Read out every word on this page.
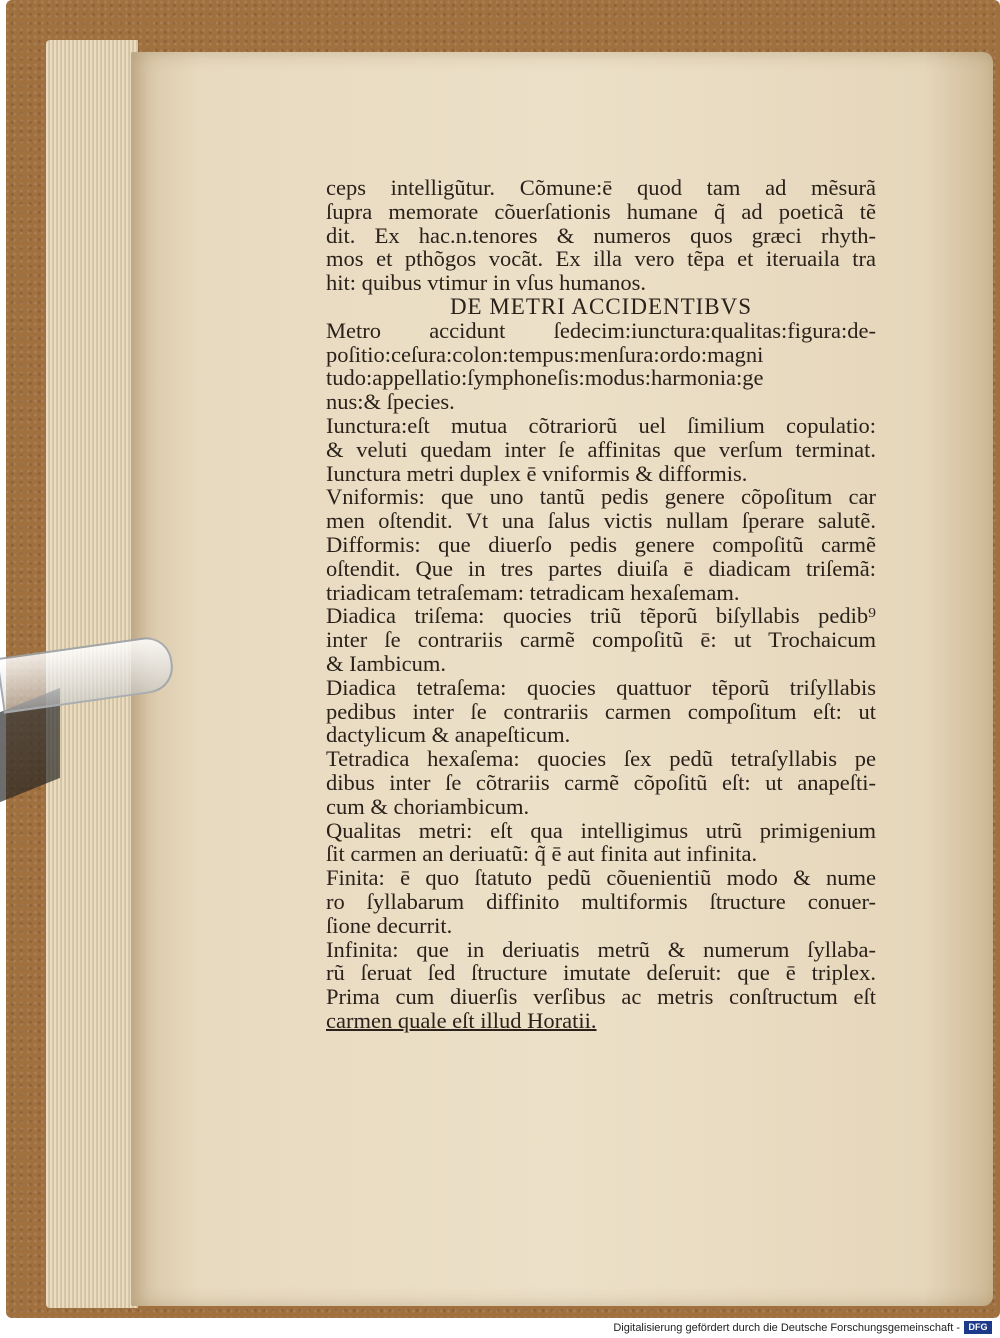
ceps intelligũtur. Cõmune:ē quod tam ad mẽsurã
ſupra memorate cõuerſationis humane q̃ ad poeticã tẽ
dit. Ex hac.n.tenores & numeros quos græci rhyth-
mos et pthõgos vocãt. Ex illa vero tẽpa et iteruaila tra
hit: quibus vtimur in vſus humanos.
DE METRI ACCIDENTIBVS
Metro accidunt ſedecim:iunctura:qualitas:figura:de-
poſitio:ceſura:colon:tempus:menſura:ordo:magni
tudo:appellatio:ſymphoneſis:modus:harmonia:ge
nus:& ſpecies.
Iunctura:eſt mutua cõtrariorũ uel ſimilium copulatio:
& veluti quedam inter ſe affinitas que verſum terminat.
Iunctura metri duplex ē vniformis & difformis.
Vniformis: que uno tantũ pedis genere cõpoſitum car
men oſtendit. Vt una ſalus victis nullam ſperare salutẽ.
Difformis: que diuerſo pedis genere compoſitũ carmẽ
oſtendit. Que in tres partes diuiſa ē diadicam triſemã:
triadicam tetraſemam: tetradicam hexaſemam.
Diadica triſema: quocies triũ tẽporũ biſyllabis pedib⁹
inter ſe contrariis carmẽ compoſitũ ē: ut Trochaicum
& Iambicum.
Diadica tetraſema: quocies quattuor tẽporũ triſyllabis
pedibus inter ſe contrariis carmen compoſitum eſt: ut
dactylicum & anapeſticum.
Tetradica hexaſema: quocies ſex pedũ tetraſyllabis pe
dibus inter ſe cõtrariis carmẽ cõpoſitũ eſt: ut anapeſti-
cum & choriambicum.
Qualitas metri: eſt qua intelligimus utrũ primigenium
ſit carmen an deriuatũ: q̃ ē aut finita aut infinita.
Finita: ē quo ſtatuto pedũ cõuenientiũ modo & nume
ro ſyllabarum diffinito multiformis ſtructure conuer-
ſione decurrit.
Infinita: que in deriuatis metrũ & numerum ſyllaba-
rũ ſeruat ſed ſtructure imutate deſeruit: que ē triplex.
Prima cum diuerſis verſibus ac metris conſtructum eſt
carmen quale eſt illud Horatii.
Digitalisierung gefördert durch die Deutsche Forschungsgemeinschaft - DFG
